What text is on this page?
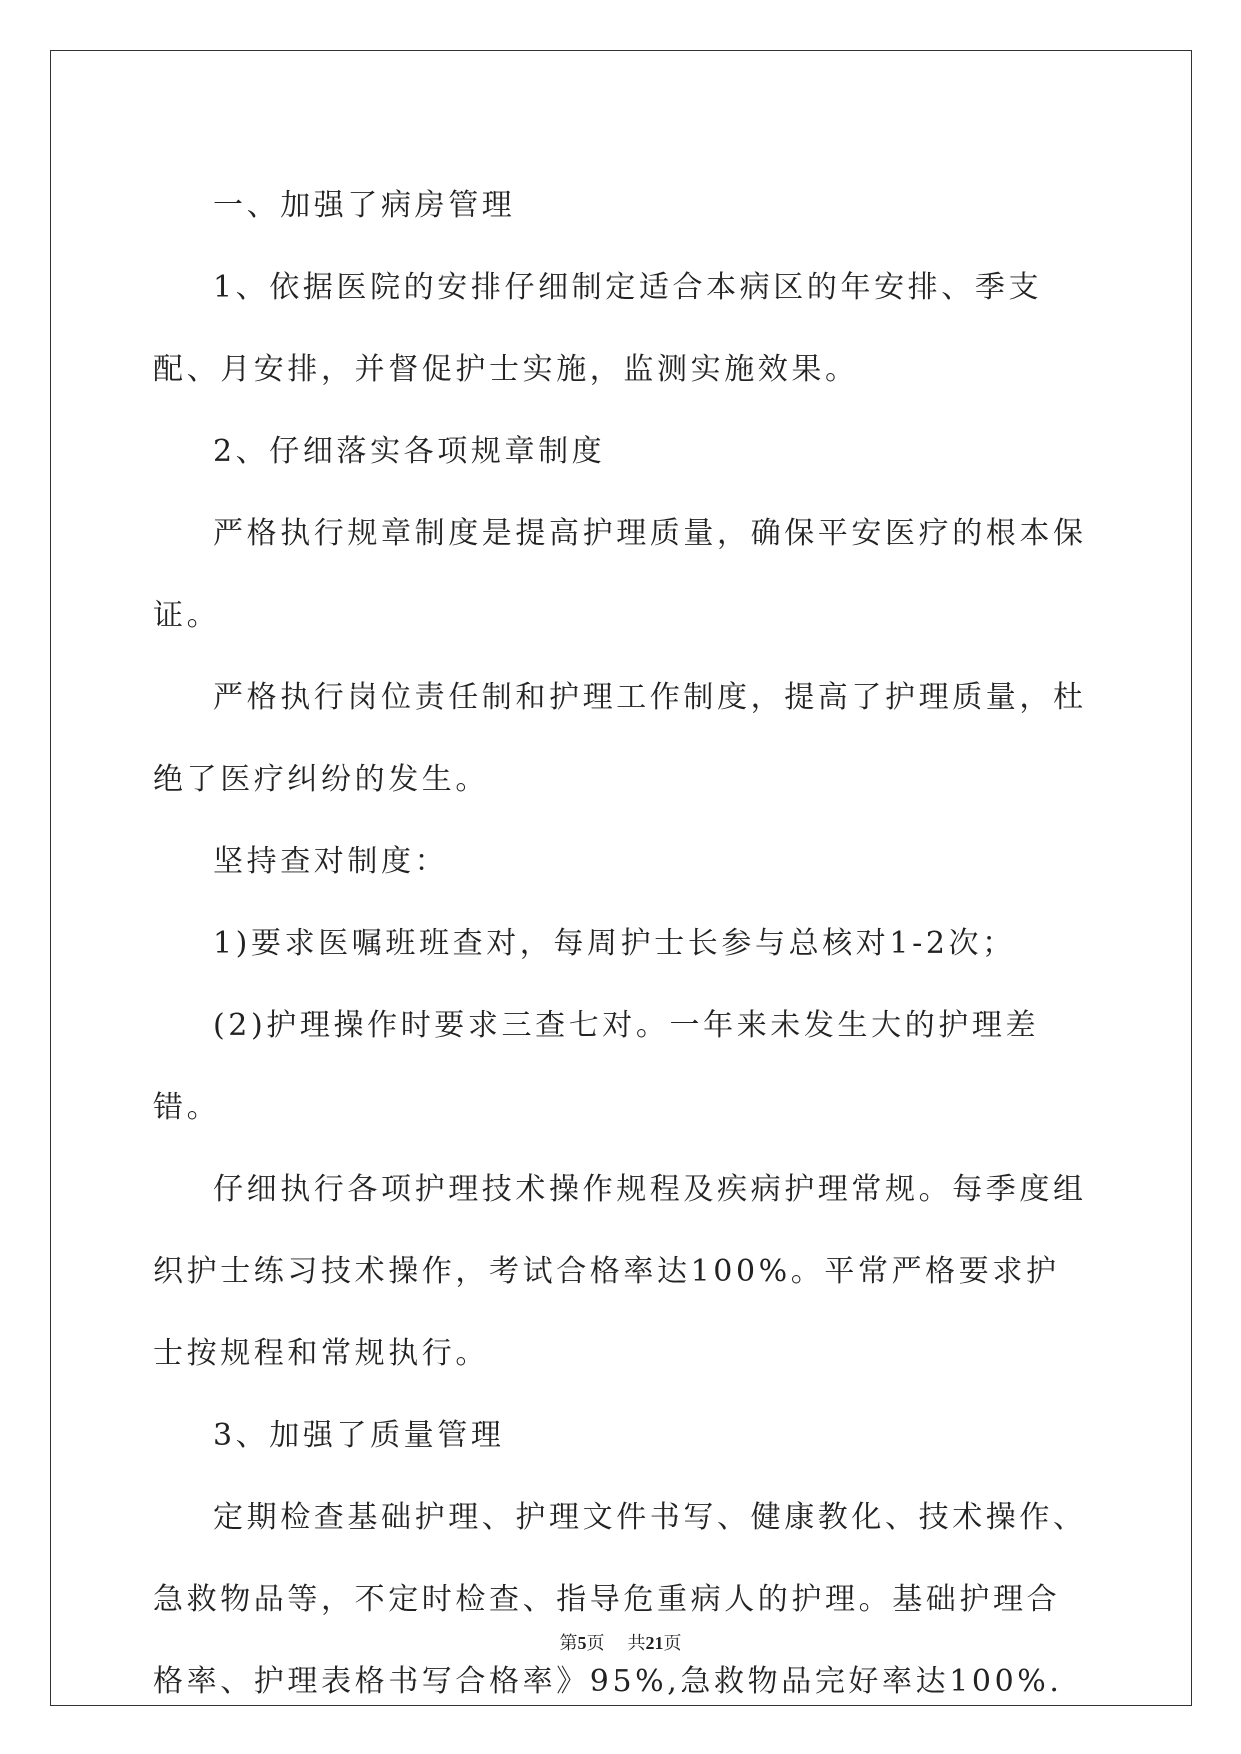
一、加强了病房管理

1、依据医院的安排仔细制定适合本病区的年安排、季支配、月安排，并督促护士实施，监测实施效果。

2、仔细落实各项规章制度

严格执行规章制度是提高护理质量，确保平安医疗的根本保证。

严格执行岗位责任制和护理工作制度，提高了护理质量，杜绝了医疗纠纷的发生。

坚持查对制度：

1)要求医嘱班班查对，每周护士长参与总核对1-2次；

(2)护理操作时要求三查七对。一年来未发生大的护理差错。

仔细执行各项护理技术操作规程及疾病护理常规。每季度组织护士练习技术操作，考试合格率达100%。平常严格要求护士按规程和常规执行。

3、加强了质量管理

定期检查基础护理、护理文件书写、健康教化、技术操作、急救物品等，不定时检查、指导危重病人的护理。基础护理合格率、护理表格书写合格率》95%,急救物品完好率达100%.

第5页 共21页
